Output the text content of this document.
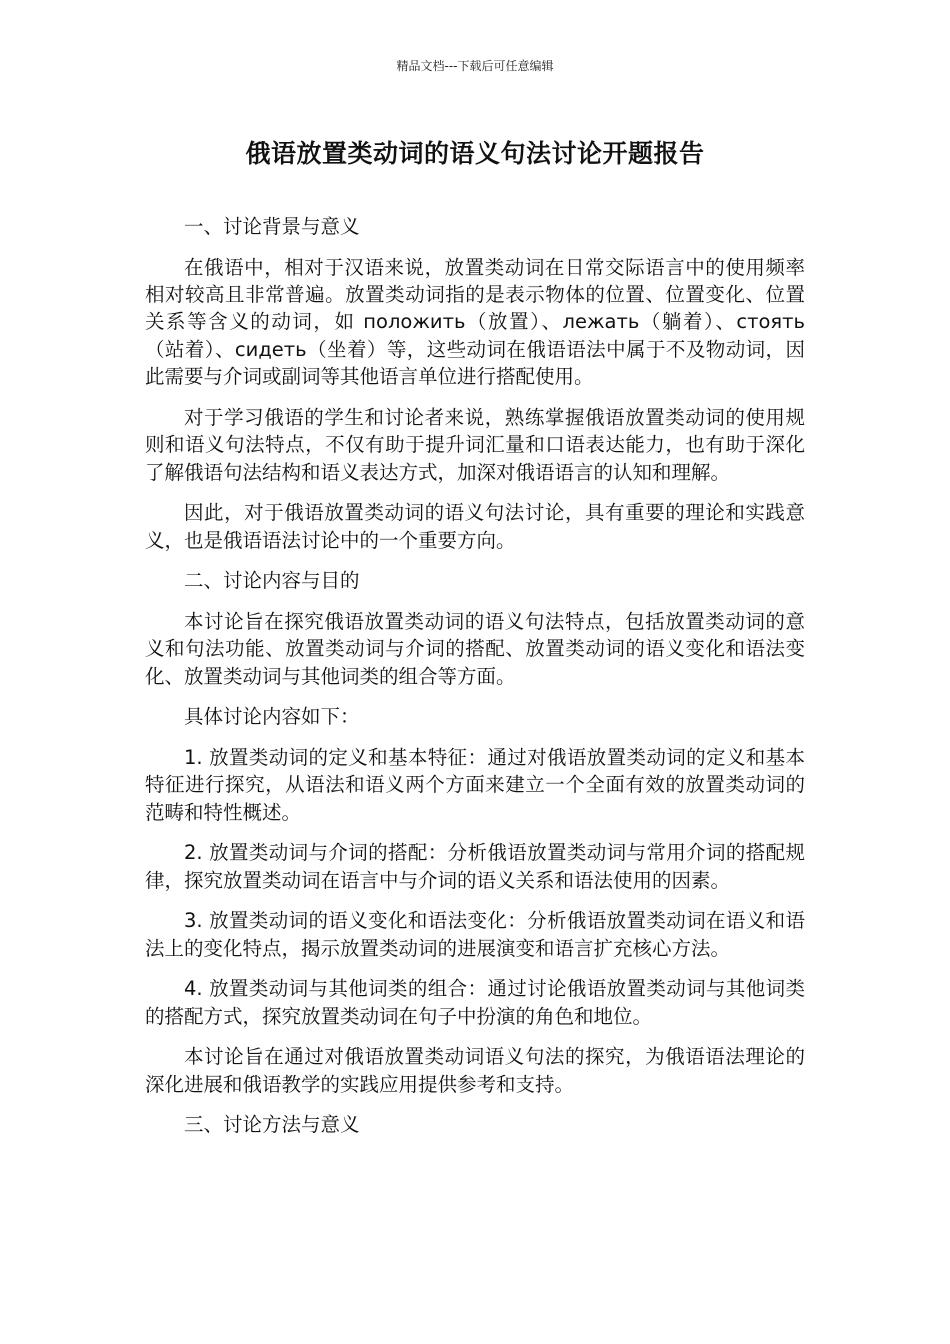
精品文档---下载后可任意编辑
俄语放置类动词的语义句法讨论开题报告
一、讨论背景与意义

在俄语中，相对于汉语来说，放置类动词在日常交际语言中的使用频率相对较高且非常普遍。放置类动词指的是表示物体的位置、位置变化、位置关系等含义的动词，如 положить（放置）、лежать（躺着）、стоять（站着）、сидеть（坐着）等，这些动词在俄语语法中属于不及物动词，因此需要与介词或副词等其他语言单位进行搭配使用。

对于学习俄语的学生和讨论者来说，熟练掌握俄语放置类动词的使用规则和语义句法特点，不仅有助于提升词汇量和口语表达能力，也有助于深化了解俄语句法结构和语义表达方式，加深对俄语语言的认知和理解。

因此，对于俄语放置类动词的语义句法讨论，具有重要的理论和实践意义，也是俄语语法讨论中的一个重要方向。

二、讨论内容与目的

本讨论旨在探究俄语放置类动词的语义句法特点，包括放置类动词的意义和句法功能、放置类动词与介词的搭配、放置类动词的语义变化和语法变化、放置类动词与其他词类的组合等方面。

具体讨论内容如下：

1. 放置类动词的定义和基本特征：通过对俄语放置类动词的定义和基本特征进行探究，从语法和语义两个方面来建立一个全面有效的放置类动词的范畴和特性概述。

2. 放置类动词与介词的搭配：分析俄语放置类动词与常用介词的搭配规律，探究放置类动词在语言中与介词的语义关系和语法使用的因素。

3. 放置类动词的语义变化和语法变化：分析俄语放置类动词在语义和语法上的变化特点，揭示放置类动词的进展演变和语言扩充核心方法。

4. 放置类动词与其他词类的组合：通过讨论俄语放置类动词与其他词类的搭配方式，探究放置类动词在句子中扮演的角色和地位。

本讨论旨在通过对俄语放置类动词语义句法的探究，为俄语语法理论的深化进展和俄语教学的实践应用提供参考和支持。

三、讨论方法与意义
